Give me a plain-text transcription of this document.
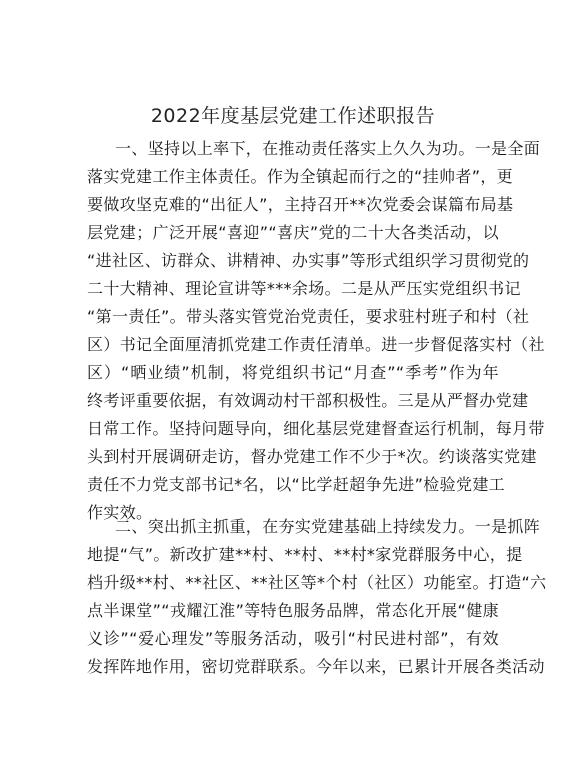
2022年度基层党建工作述职报告
一、坚持以上率下，在推动责任落实上久久为功。一是全面
落实党建工作主体责任。作为全镇起而行之的“挂帅者”，更
要做攻坚克难的“出征人”，主持召开**次党委会谋篇布局基
层党建；广泛开展“喜迎”“喜庆”党的二十大各类活动，以
“进社区、访群众、讲精神、办实事”等形式组织学习贯彻党的
二十大精神、理论宣讲等***余场。二是从严压实党组织书记
“第一责任”。带头落实管党治党责任，要求驻村班子和村（社
区）书记全面厘清抓党建工作责任清单。进一步督促落实村（社
区）“晒业绩”机制，将党组织书记“月查”“季考”作为年
终考评重要依据，有效调动村干部积极性。三是从严督办党建
日常工作。坚持问题导向，细化基层党建督查运行机制，每月带
头到村开展调研走访，督办党建工作不少于*次。约谈落实党建
责任不力党支部书记*名，以“比学赶超争先进”检验党建工
作实效。
二、突出抓主抓重，在夯实党建基础上持续发力。一是抓阵
地提“气”。新改扩建**村、**村、**村*家党群服务中心，提
档升级**村、**社区、**社区等*个村（社区）功能室。打造“六
点半课堂”“戎耀江淮”等特色服务品牌，常态化开展“健康
义诊”“爱心理发”等服务活动，吸引“村民进村部”，有效
发挥阵地作用，密切党群联系。今年以来，已累计开展各类活动
